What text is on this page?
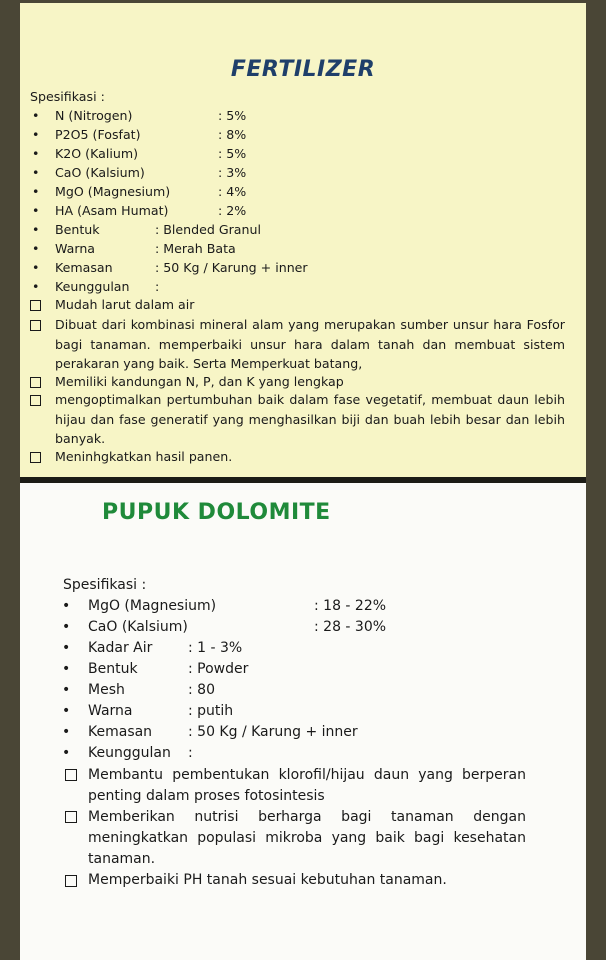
FERTILIZER
Spesifikasi :
•
N (Nitrogen)	: 5%
•
P2O5 (Fosfat)	: 8%
•
K2O (Kalium)	: 5%
•
CaO (Kalsium)	: 3%
•
MgO (Magnesium)	: 4%
•
HA (Asam Humat)	: 2%
•
Bentuk	: Blended Granul
•
Warna	: Merah Bata
•
Kemasan	: 50 Kg / Karung + inner
•
Keunggulan :
Mudah larut dalam air
Dibuat dari kombinasi mineral alam yang merupakan sumber unsur hara Fosfor bagi tanaman. memperbaiki unsur hara dalam tanah dan membuat sistem perakaran yang baik. Serta Memperkuat batang,
Memiliki kandungan N, P, dan K yang lengkap
mengoptimalkan pertumbuhan baik dalam fase vegetatif, membuat daun lebih hijau dan fase generatif yang menghasilkan biji dan buah lebih besar dan lebih banyak.
Meninhgkatkan hasil panen.
PUPUK DOLOMITE
Spesifikasi :
•
MgO (Magnesium)	: 18 - 22%
•
CaO (Kalsium)	: 28 - 30%
•
Kadar Air	: 1 - 3%
•
Bentuk	: Powder
•
Mesh	: 80
•
Warna	: putih
•
Kemasan	: 50 Kg / Karung + inner
•
Keunggulan :
Membantu pembentukan klorofil/hijau daun yang berperan penting dalam proses fotosintesis
Memberikan nutrisi berharga bagi tanaman dengan meningkatkan populasi mikroba yang baik bagi kesehatan tanaman.
Memperbaiki PH tanah sesuai kebutuhan tanaman.
